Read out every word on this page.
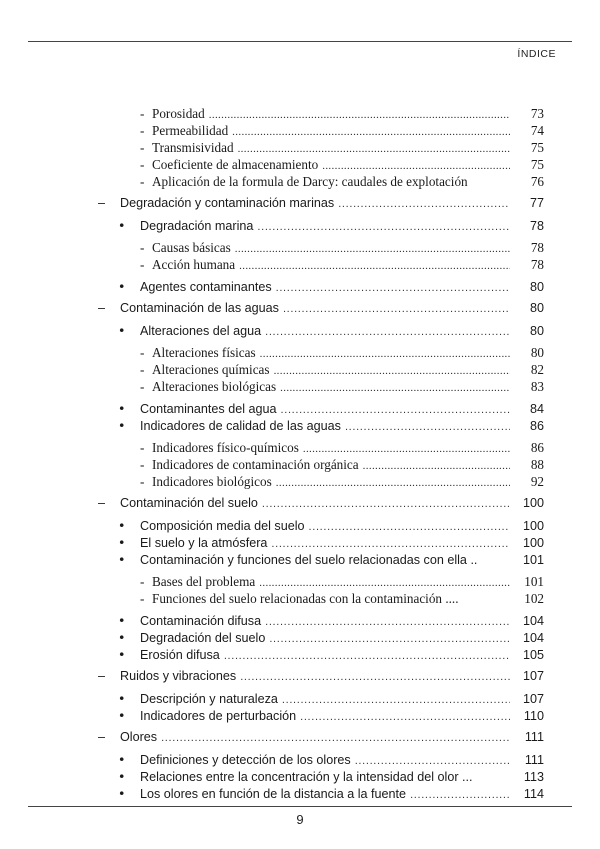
ÍNDICE
- Porosidad . . .	73
- Permeabilidad . . .	74
- Transmisividad . . .	75
- Coeficiente de almacenamiento . . .	75
- Aplicación de la formula de Darcy: caudales de explotación	76
–	Degradación y contaminación marinas . . .	77
•	Degradación marina . . .	78
- Causas básicas . . .	78
- Acción humana . . .	78
•	Agentes contaminantes . . .	80
–	Contaminación de las aguas . . .	80
•	Alteraciones del agua . . .	80
- Alteraciones físicas . . .	80
- Alteraciones químicas . . .	82
- Alteraciones biológicas . . .	83
•	Contaminantes del agua . . .	84
•	Indicadores de calidad de las aguas . . .	86
- Indicadores físico-químicos . . .	86
- Indicadores de contaminación orgánica . . .	88
- Indicadores biológicos . . .	92
–	Contaminación del suelo . . .	100
•	Composición media del suelo . . .	100
•	El suelo y la atmósfera . . .	100
•	Contaminación y funciones del suelo relacionadas con ella ..	101
- Bases del problema . . .	101
- Funciones del suelo relacionadas con la contaminación ....	102
•	Contaminación difusa . . .	104
•	Degradación del suelo . . .	104
•	Erosión difusa . . .	105
–	Ruidos y vibraciones . . .	107
•	Descripción y naturaleza . . .	107
•	Indicadores de perturbación . . .	110
–	Olores . . .	111
•	Definiciones y detección de los olores . . .	111
•	Relaciones entre la concentración y la intensidad del olor ...	113
•	Los olores en función de la distancia a la fuente . . .	114
9
